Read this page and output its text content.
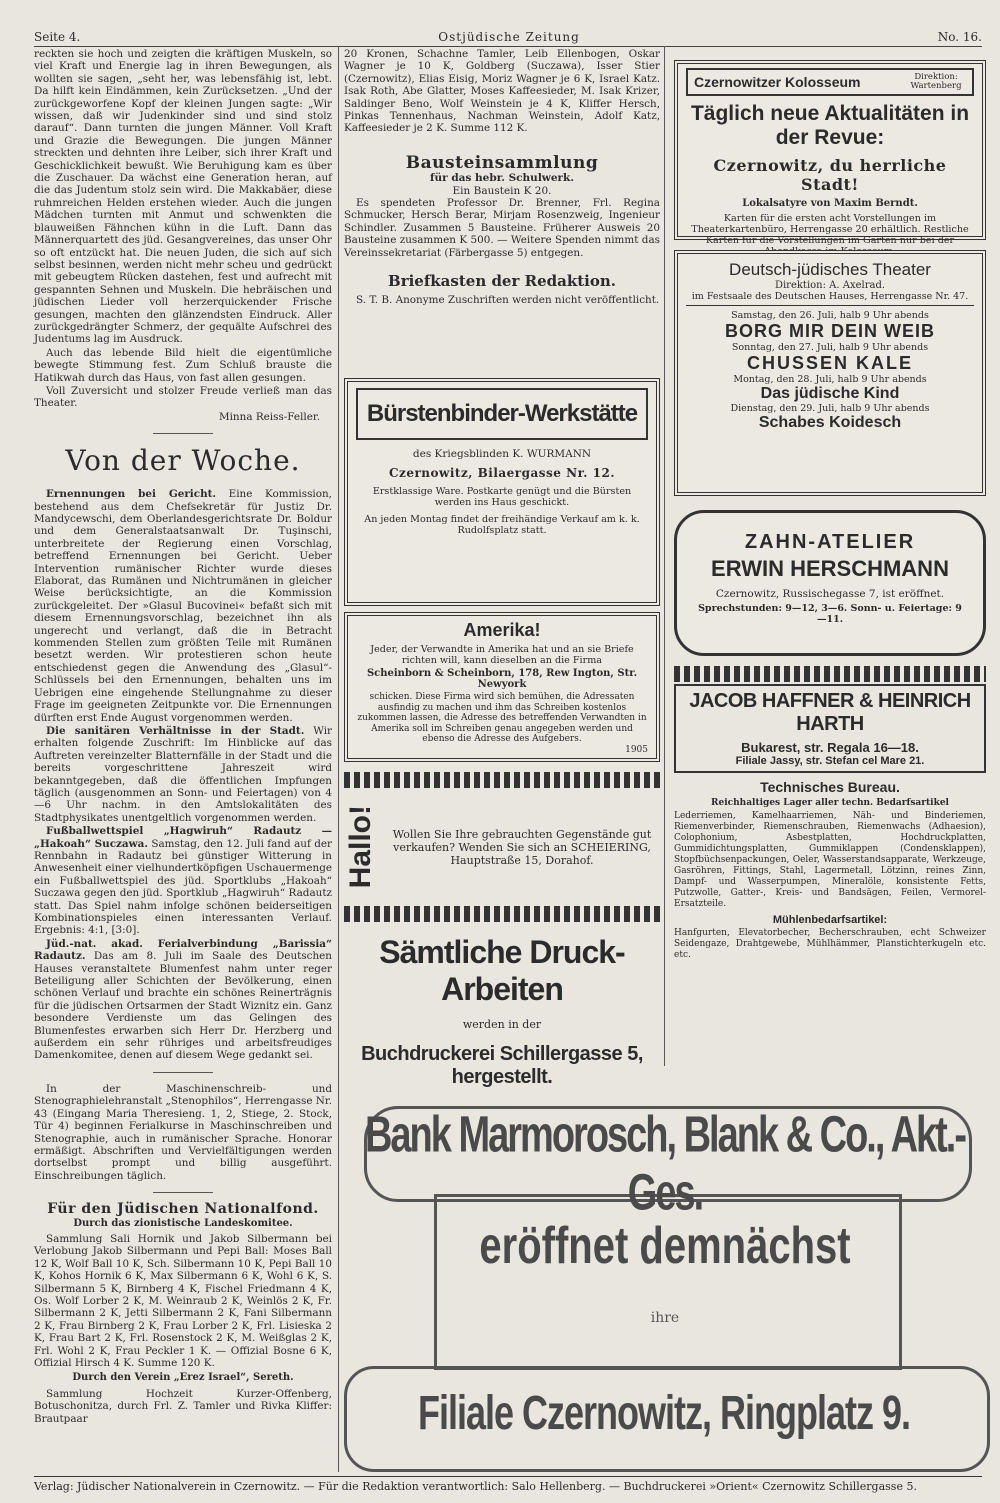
Seite 4.	Ostjüdische Zeitung	No. 16.

reckten sie hoch und zeigten die kräftigen Muskeln, so viel Kraft und Energie lag in ihren Bewegungen, als wollten sie sagen, „seht her, was lebensfähig ist, lebt. Da hilft kein Eindämmen, kein Zurücksetzen. „Und der zurückgeworfene Kopf der kleinen Jungen sagte: „Wir wissen, daß wir Judenkinder sind und sind stolz darauf“. Dann turnten die jungen Männer. Voll Kraft und Grazie die Bewegungen. Die jungen Männer streckten und dehnten ihre Leiber, sich ihrer Kraft und Geschicklichkeit bewußt. Wie Beruhigung kam es über die Zuschauer. Da wächst eine Generation heran, auf die das Judentum stolz sein wird. Die Makkabäer, diese ruhmreichen Helden erstehen wieder. Auch die jungen Mädchen turnten mit Anmut und schwenkten die blauweißen Fähnchen kühn in die Luft. Dann das Männerquartett des jüd. Gesangvereines, das unser Ohr so oft entzückt hat. Die neuen Juden, die sich auf sich selbst besinnen, werden nicht mehr scheu und gedrückt mit gebeugtem Rücken dastehen, fest und aufrecht mit gespannten Sehnen und Muskeln. Die hebräischen und jüdischen Lieder voll herzerquickender Frische gesungen, machten den glänzendsten Eindruck. Aller zurückgedrängter Schmerz, der gequälte Aufschrei des Judentums lag im Ausdruck.

Auch das lebende Bild hielt die eigentümliche bewegte Stimmung fest. Zum Schluß brauste die Hatikwah durch das Haus, von fast allen gesungen.

Voll Zuversicht und stolzer Freude verließ man das Theater.

Minna Reiss-Feller.

Von der Woche.

Ernennungen bei Gericht. Eine Kommission, bestehend aus dem Chefsekretär für Justiz Dr. Mandycewschi, dem Oberlandesgerichtsrate Dr. Boldur und dem Generalstaatsanwalt Dr. Tuşinschi, unterbreitete der Regierung einen Vorschlag, betreffend Ernennungen bei Gericht. Ueber Intervention rumänischer Richter wurde dieses Elaborat, das Rumänen und Nichtrumänen in gleicher Weise berücksichtigte, an die Kommission zurückgeleitet. Der »Glasul Bucovinei« befaßt sich mit diesem Ernennungsvorschlag, bezeichnet ihn als ungerecht und verlangt, daß die in Betracht kommenden Stellen zum größten Teile mit Rumänen besetzt werden. Wir protestieren schon heute entschiedenst gegen die Anwendung des „Glasul“-Schlüssels bei den Ernennungen, behalten uns im Uebrigen eine eingehende Stellungnahme zu dieser Frage im geeigneten Zeitpunkte vor. Die Ernennungen dürften erst Ende August vorgenommen werden.

Die sanitären Verhältnisse in der Stadt. Wir erhalten folgende Zuschrift: Im Hinblicke auf das Auftreten vereinzelter Blatternfälle in der Stadt und die bereits vorgeschrittene Jahreszeit wird bekanntgegeben, daß die öffentlichen Impfungen täglich (ausgenommen an Sonn- und Feiertagen) von 4—6 Uhr nachm. in den Amtslokalitäten des Stadtphysikates unentgeltlich vorgenommen werden.

Fußballwettspiel „Hagwiruh“ Radautz — „Hakoah“ Suczawa. Samstag, den 12. Juli fand auf der Rennbahn in Radautz bei günstiger Witterung in Anwesenheit einer vielhundertköpfigen Uschauermenge ein Fußballwettspiel des jüd. Sportklubs „Hakoah“ Suczawa gegen den jüd. Sportklub „Hagwiruh“ Radautz statt. Das Spiel nahm infolge schönen beiderseitigen Kombinationspieles einen interessanten Verlauf. Ergebnis: 4:1, [3:0].

Jüd.-nat. akad. Ferialverbindung „Barissia“ Radautz. Das am 8. Juli im Saale des Deutschen Hauses veranstaltete Blumenfest nahm unter reger Beteiligung aller Schichten der Bevölkerung, einen schönen Verlauf und brachte ein schönes Reinerträgnis für die jüdischen Ortsarmen der Stadt Wiznitz ein. Ganz besondere Verdienste um das Gelingen des Blumenfestes erwarben sich Herr Dr. Herzberg und außerdem ein sehr rühriges und arbeitsfreudiges Damenkomitee, denen auf diesem Wege gedankt sei.

In der Maschinenschreib- und Stenographielehranstalt „Stenophilos“, Herrengasse Nr. 43 (Eingang Maria Theresieng. 1, 2, Stiege, 2. Stock, Tür 4) beginnen Ferialkurse in Maschinschreiben und Stenographie, auch in rumänischer Sprache. Honorar ermäßigt. Abschriften und Vervielfältigungen werden dortselbst prompt und billig ausgeführt. Einschreibungen täglich.

Für den Jüdischen Nationalfond.
Durch das zionistische Landeskomitee.

Sammlung Sali Hornik und Jakob Silbermann bei Verlobung Jakob Silbermann und Pepi Ball: Moses Ball 12 K, Wolf Ball 10 K, Sch. Silbermann 10 K, Pepi Ball 10 K, Kohos Hornik 6 K, Max Silbermann 6 K, Wohl 6 K, S. Silbermann 5 K, Birnberg 4 K, Fischel Friedmann 4 K, Os. Wolf Lorber 2 K, M. Weinraub 2 K, Weinlös 2 K, Fr. Silbermann 2 K, Jetti Silbermann 2 K, Fani Silbermann 2 K, Frau Birnberg 2 K, Frau Lorber 2 K, Frl. Lisieska 2 K, Frau Bart 2 K, Frl. Rosenstock 2 K, M. Weißglas 2 K, Frl. Wohl 2 K, Frau Peckler 1 K. — Offizial Bosne 6 K, Offizial Hirsch 4 K. Summe 120 K.

Durch den Verein „Erez Israel“, Sereth.

Sammlung Hochzeit Kurzer-Offenberg, Botuschonitza, durch Frl. Z. Tamler und Rivka Kliffer: Brautpaar

20 Kronen, Schachne Tamler, Leib Ellenbogen, Oskar Wagner je 10 K, Goldberg (Suczawa), Isser Stier (Czernowitz), Elias Eisig, Moriz Wagner je 6 K, Israel Katz. Isak Roth, Abe Glatter, Moses Kaffeesieder, M. Isak Krizer, Saldinger Beno, Wolf Weinstein je 4 K, Kliffer Hersch, Pinkas Tennenhaus, Nachman Weinstein, Adolf Katz, Kaffeesieder je 2 K. Summe 112 K.

Bausteinsammlung
für das hebr. Schulwerk.
Ein Baustein K 20.

Es spendeten Professor Dr. Brenner, Frl. Regina Schmucker, Hersch Berar, Mirjam Rosenzweig, Ingenieur Schindler. Zusammen 5 Bausteine. Früherer Ausweis 20 Bausteine zusammen K 500. — Weitere Spenden nimmt das Vereinssekretariat (Färbergasse 5) entgegen.

Briefkasten der Redaktion.

S. T. B. Anonyme Zuschriften werden nicht veröffentlicht.

Bürstenbinder-Werkstätte
des Kriegsblinden K. WURMANN
Czernowitz, Bilaergasse Nr. 12.
Erstklassige Ware. Postkarte genügt und die Bürsten werden ins Haus geschickt.
An jeden Montag findet der freihändige Verkauf am k. k. Rudolfsplatz statt.
Amerika!
Jeder, der Verwandte in Amerika hat und an sie Briefe richten will, kann dieselben an die Firma
Scheinborn & Scheinborn, 178, Rew Ington, Str. Newyork
schicken. Diese Firma wird sich bemühen, die Adressaten ausfindig zu machen und ihm das Schreiben kostenlos zukommen lassen, die Adresse des betreffenden Verwandten in Amerika soll im Schreiben genau angegeben werden und ebenso die Adresse des Aufgebers.
1905
Hallo!	Wollen Sie Ihre gebrauchten Gegenstände gut verkaufen? Wenden Sie sich an SCHEIERING, Hauptstraße 15, Dorahof.
Sämtliche Druck-Arbeiten
werden in der
Buchdruckerei Schillergasse 5, hergestellt.
Czernowitzer Kolosseum	Direktion: Wartenberg
Täglich neue Aktualitäten in der Revue:
Czernowitz, du herrliche Stadt!
Lokalsatyre von Maxim Berndt.
Karten für die ersten acht Vorstellungen im Theaterkartenbüro, Herrengasse 20 erhältlich. Restliche Karten für die Vorstellungen im Garten nur bei der
Deutsch-jüdisches Theater
Direktion: A. Axelrad.
im Festsaale des Deutschen Hauses, Herrengasse Nr. 47.
Samstag, den 26. Juli, halb 9 Uhr abends
BORG MIR DEIN WEIB
Sonntag, den 27. Juli, halb 9 Uhr abends
CHUSSEN KALE
Montag, den 28. Juli, halb 9 Uhr abends
Das jüdische Kind
Dienstag, den 29. Juli, halb 9 Uhr abends
Schabes Koidesch
ZAHN-ATELIER
ERWIN HERSCHMANN
Czernowitz, Russischegasse 7, ist eröffnet.
Sprechstunden: 9—12, 3—6. Sonn- u. Feiertage: 9—11.
JACOB HAFFNER & HEINRICH HARTH
Bukarest, str. Regala 16—18.
Filiale Jassy, str. Stefan cel Mare 21.
Technisches Bureau.
Reichhaltiges Lager aller techn. Bedarfsartikel
Lederriemen, Kamelhaarriemen, Näh- und Binderiemen, Riemenverbinder, Riemenschrauben, Riemenwachs (Adhaesion), Colophonium, Asbestplatten, Hochdruckplatten, Gummidichtungsplatten, Gummiklappen (Condensklappen), Stopfbüchsenpackungen, Oeler, Wasserstandsapparate, Werkzeuge, Gasröhren, Fittings, Stahl, Lagermetall, Lötzinn, reines Zinn, Dampf- und Wasserpumpen, Mineralöle, konsistente Fetts, Putzwolle, Gatter-, Kreis- und Bandsägen, Feilen, Vermorel-Ersatzteile.
Mühlenbedarfsartikel:
Hanfgurten, Elevatorbecher, Becherschrauben, echt Schweizer Seidengaze, Drahtgewebe, Mühlhämmer, Planstichterkugeln etc. etc.
Bank Marmorosch, Blank & Co., Akt.-Ges.
eröffnet demnächst
ihre
Filiale Czernowitz, Ringplatz 9.
Verlag: Jüdischer Nationalverein in Czernowitz. — Für die Redaktion verantwortlich: Salo Hellenberg. — Buchdruckerei »Orient« Czernowitz Schillergasse 5.
